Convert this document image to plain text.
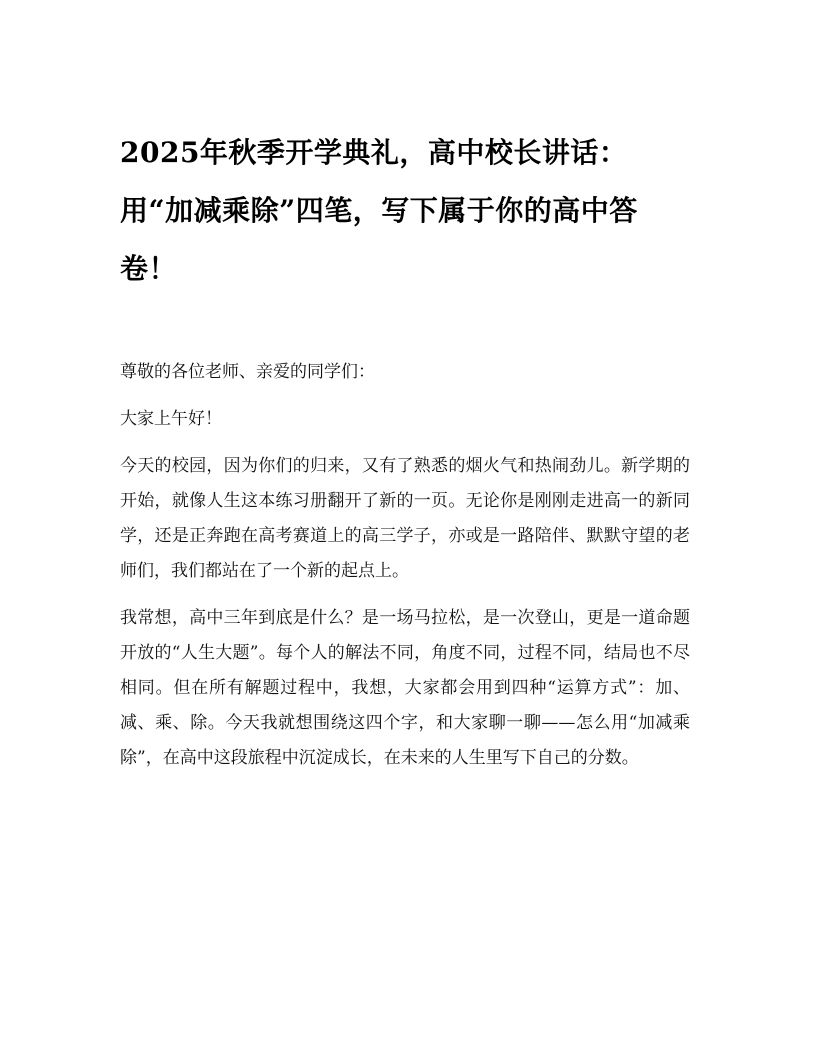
2025年秋季开学典礼，高中校长讲话：用“加减乘除”四笔，写下属于你的高中答卷！

尊敬的各位老师、亲爱的同学们：

大家上午好！

今天的校园，因为你们的归来，又有了熟悉的烟火气和热闹劲儿。新学期的开始，就像人生这本练习册翻开了新的一页。无论你是刚刚走进高一的新同学，还是正奔跑在高考赛道上的高三学子，亦或是一路陪伴、默默守望的老师们，我们都站在了一个新的起点上。

我常想，高中三年到底是什么？是一场马拉松，是一次登山，更是一道命题开放的“人生大题”。每个人的解法不同，角度不同，过程不同，结局也不尽相同。但在所有解题过程中，我想，大家都会用到四种“运算方式”：加、减、乘、除。今天我就想围绕这四个字，和大家聊一聊——怎么用“加减乘除”，在高中这段旅程中沉淀成长，在未来的人生里写下自己的分数。
